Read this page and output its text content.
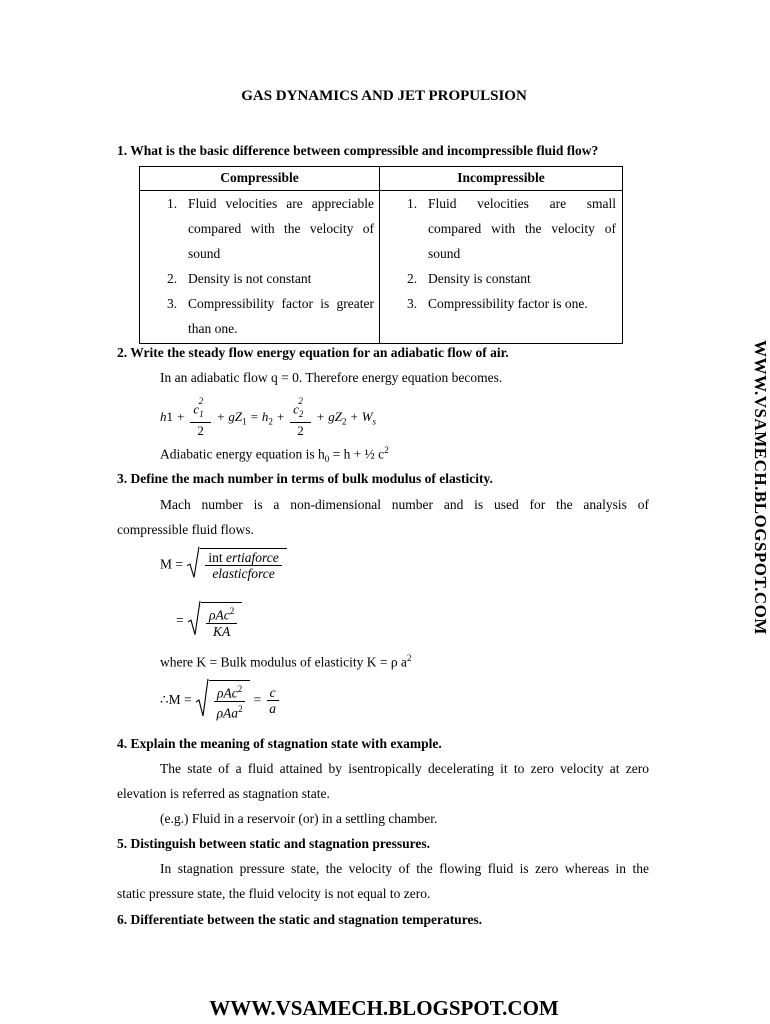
GAS DYNAMICS AND JET PROPULSION
1. What is the basic difference between compressible and incompressible fluid flow?
Compressible	Incompressible
1. Fluid velocities are appreciable compared with the velocity of sound
2. Density is not constant
3. Compressibility factor is greater than one.
1. Fluid velocities are small compared with the velocity of sound
2. Density is constant
3. Compressibility factor is one.
2. Write the steady flow energy equation for an adiabatic flow of air.
In an adiabatic flow q = 0. Therefore energy equation becomes.
$h1 + \frac{c_1^2}{2} + gZ_1 = h_2 + \frac{c_2^2}{2} + gZ_2 + W_s$
Adiabatic energy equation is $h_0 = h$ + ½ $c^2$
3. Define the mach number in terms of bulk modulus of elasticity.
Mach number is a non-dimensional number and is used for the analysis of
compressible fluid flows.
$M = \frac{\text{int ertiaforce}}{\text{elasticforce}}$
= $\frac{\rho Ac^2}{KA}$
where K = Bulk modulus of elasticity K = ρ $a^2$
∴M = $\frac{\rho Ac^2}{\rho Aa^2} = \frac{c}{a}$
4. Explain the meaning of stagnation state with example.
The state of a fluid attained by isentropically decelerating it to zero velocity at zero
elevation is referred as stagnation state.
(e.g.) Fluid in a reservoir (or) in a settling chamber.
5. Distinguish between static and stagnation pressures.
In stagnation pressure state, the velocity of the flowing fluid is zero whereas in the
static pressure state, the fluid velocity is not equal to zero.
6. Differentiate between the static and stagnation temperatures.
WWW.VSAMECH.BLOGSPOT.COM
WWW.VSAMECH.BLOGSPOT.COM
